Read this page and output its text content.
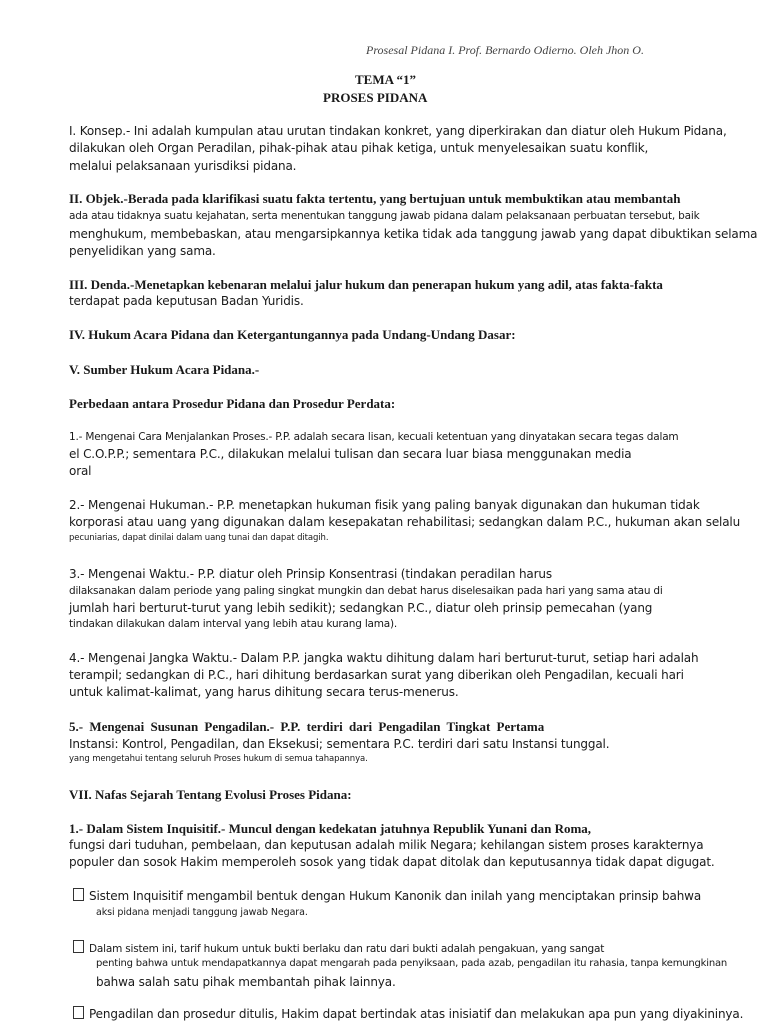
Prosesal Pidana I. Prof. Bernardo Odierno. Oleh Jhon O.
TEMA “1”
PROSES PIDANA
I. Konsep.- Ini adalah kumpulan atau urutan tindakan konkret, yang diperkirakan dan diatur oleh Hukum Pidana,
dilakukan oleh Organ Peradilan, pihak-pihak atau pihak ketiga, untuk menyelesaikan suatu konflik,
melalui pelaksanaan yurisdiksi pidana.
II. Objek.-Berada pada klarifikasi suatu fakta tertentu, yang bertujuan untuk membuktikan atau membantah
ada atau tidaknya suatu kejahatan, serta menentukan tanggung jawab pidana dalam pelaksanaan perbuatan tersebut, baik
menghukum, membebaskan, atau mengarsipkannya ketika tidak ada tanggung jawab yang dapat dibuktikan selama
penyelidikan yang sama.
III. Denda.-Menetapkan kebenaran melalui jalur hukum dan penerapan hukum yang adil, atas fakta-fakta
terdapat pada keputusan Badan Yuridis.
IV. Hukum Acara Pidana dan Ketergantungannya pada Undang-Undang Dasar:
V. Sumber Hukum Acara Pidana.-
Perbedaan antara Prosedur Pidana dan Prosedur Perdata:
1.- Mengenai Cara Menjalankan Proses.- P.P. adalah secara lisan, kecuali ketentuan yang dinyatakan secara tegas dalam
el C.O.P.P.; sementara P.C., dilakukan melalui tulisan dan secara luar biasa menggunakan media
oral
2.- Mengenai Hukuman.- P.P. menetapkan hukuman fisik yang paling banyak digunakan dan hukuman tidak
korporasi atau uang yang digunakan dalam kesepakatan rehabilitasi; sedangkan dalam P.C., hukuman akan selalu
pecuniarias, dapat dinilai dalam uang tunai dan dapat ditagih.
3.- Mengenai Waktu.- P.P. diatur oleh Prinsip Konsentrasi (tindakan peradilan harus
dilaksanakan dalam periode yang paling singkat mungkin dan debat harus diselesaikan pada hari yang sama atau di
jumlah hari berturut-turut yang lebih sedikit); sedangkan P.C., diatur oleh prinsip pemecahan (yang
tindakan dilakukan dalam interval yang lebih atau kurang lama).
4.- Mengenai Jangka Waktu.- Dalam P.P. jangka waktu dihitung dalam hari berturut-turut, setiap hari adalah
terampil; sedangkan di P.C., hari dihitung berdasarkan surat yang diberikan oleh Pengadilan, kecuali hari
untuk kalimat-kalimat, yang harus dihitung secara terus-menerus.
5.- Mengenai Susunan Pengadilan.- P.P. terdiri dari Pengadilan Tingkat Pertama
Instansi: Kontrol, Pengadilan, dan Eksekusi; sementara P.C. terdiri dari satu Instansi tunggal.
yang mengetahui tentang seluruh Proses hukum di semua tahapannya.
VII. Nafas Sejarah Tentang Evolusi Proses Pidana:
1.- Dalam Sistem Inquisitif.- Muncul dengan kedekatan jatuhnya Republik Yunani dan Roma,
fungsi dari tuduhan, pembelaan, dan keputusan adalah milik Negara; kehilangan sistem proses karakternya
populer dan sosok Hakim memperoleh sosok yang tidak dapat ditolak dan keputusannya tidak dapat digugat.
Sistem Inquisitif mengambil bentuk dengan Hukum Kanonik dan inilah yang menciptakan prinsip bahwa
aksi pidana menjadi tanggung jawab Negara.
Dalam sistem ini, tarif hukum untuk bukti berlaku dan ratu dari bukti adalah pengakuan, yang sangat
penting bahwa untuk mendapatkannya dapat mengarah pada penyiksaan, pada azab, pengadilan itu rahasia, tanpa kemungkinan
bahwa salah satu pihak membantah pihak lainnya.
Pengadilan dan prosedur ditulis, Hakim dapat bertindak atas inisiatif dan melakukan apa pun yang diyakininya.
